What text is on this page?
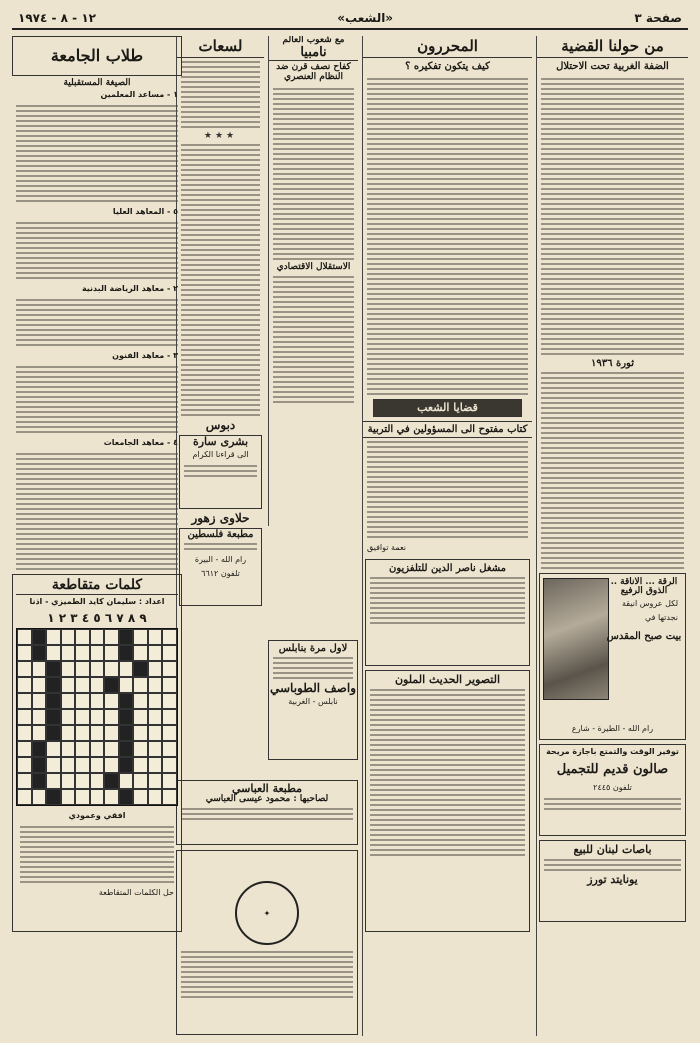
صفحة ٣
«الشعب»
١٢ - ٨ - ١٩٧٤
من حولنا القضية
الضفة الغربية تحت الاحتلال
ثورة ١٩٣٦
الرقة ... الاناقة .. الذوق الرفيع
لكل عروس انيقة
نجدتها في
بيت صبح المقدس
رام الله - الطيرة - شارع
توفير الوقت والتمتع باجازة مريحة
صالون قديم للتجميل
تلفون ٢٤٤٥
باصات لبنان للبيع
يونايتد تورز
المحررون
كيف يتكون تفكيره ؟
قضايا الشعب
كتاب مفتوح الى المسؤولين في التربية
نعمة توافيق
مشغل ناصر الدين للتلفزيون
التصوير الحديث الملون
مع شعوب العالم
نامبيا
كفاح نصف قرن ضد النظام العنصري
الاستقلال الاقتصادي
لاول مرة بنابلس
واصف الطوباسي
نابلس - الغربية
لسعات
★★★
دبوس
بشرى سارة
الى قراءنا الكرام
حلاوى زهور
مطبعة فلسطين
رام الله - البيرة
تلفون ٦٦١٢
مطبعة العباسي
لصاحبها : محمود عيسى العباسي
✦
طلاب الجامعة
الصيغة المستقبلية
١ - مساعد المعلمين
٥ - المعاهد العليا
٢ - معاهد الرياضة البدنية
٣ - معاهد الفنون
٤ - معاهد الجامعات
كلمات متقاطعة
اعداد : سليمان كايد الطميزي - اذنا
٩ ٨ ٧ ٦ ٥ ٤ ٣ ٢ ١
افقي وعمودي
حل الكلمات المتقاطعة
